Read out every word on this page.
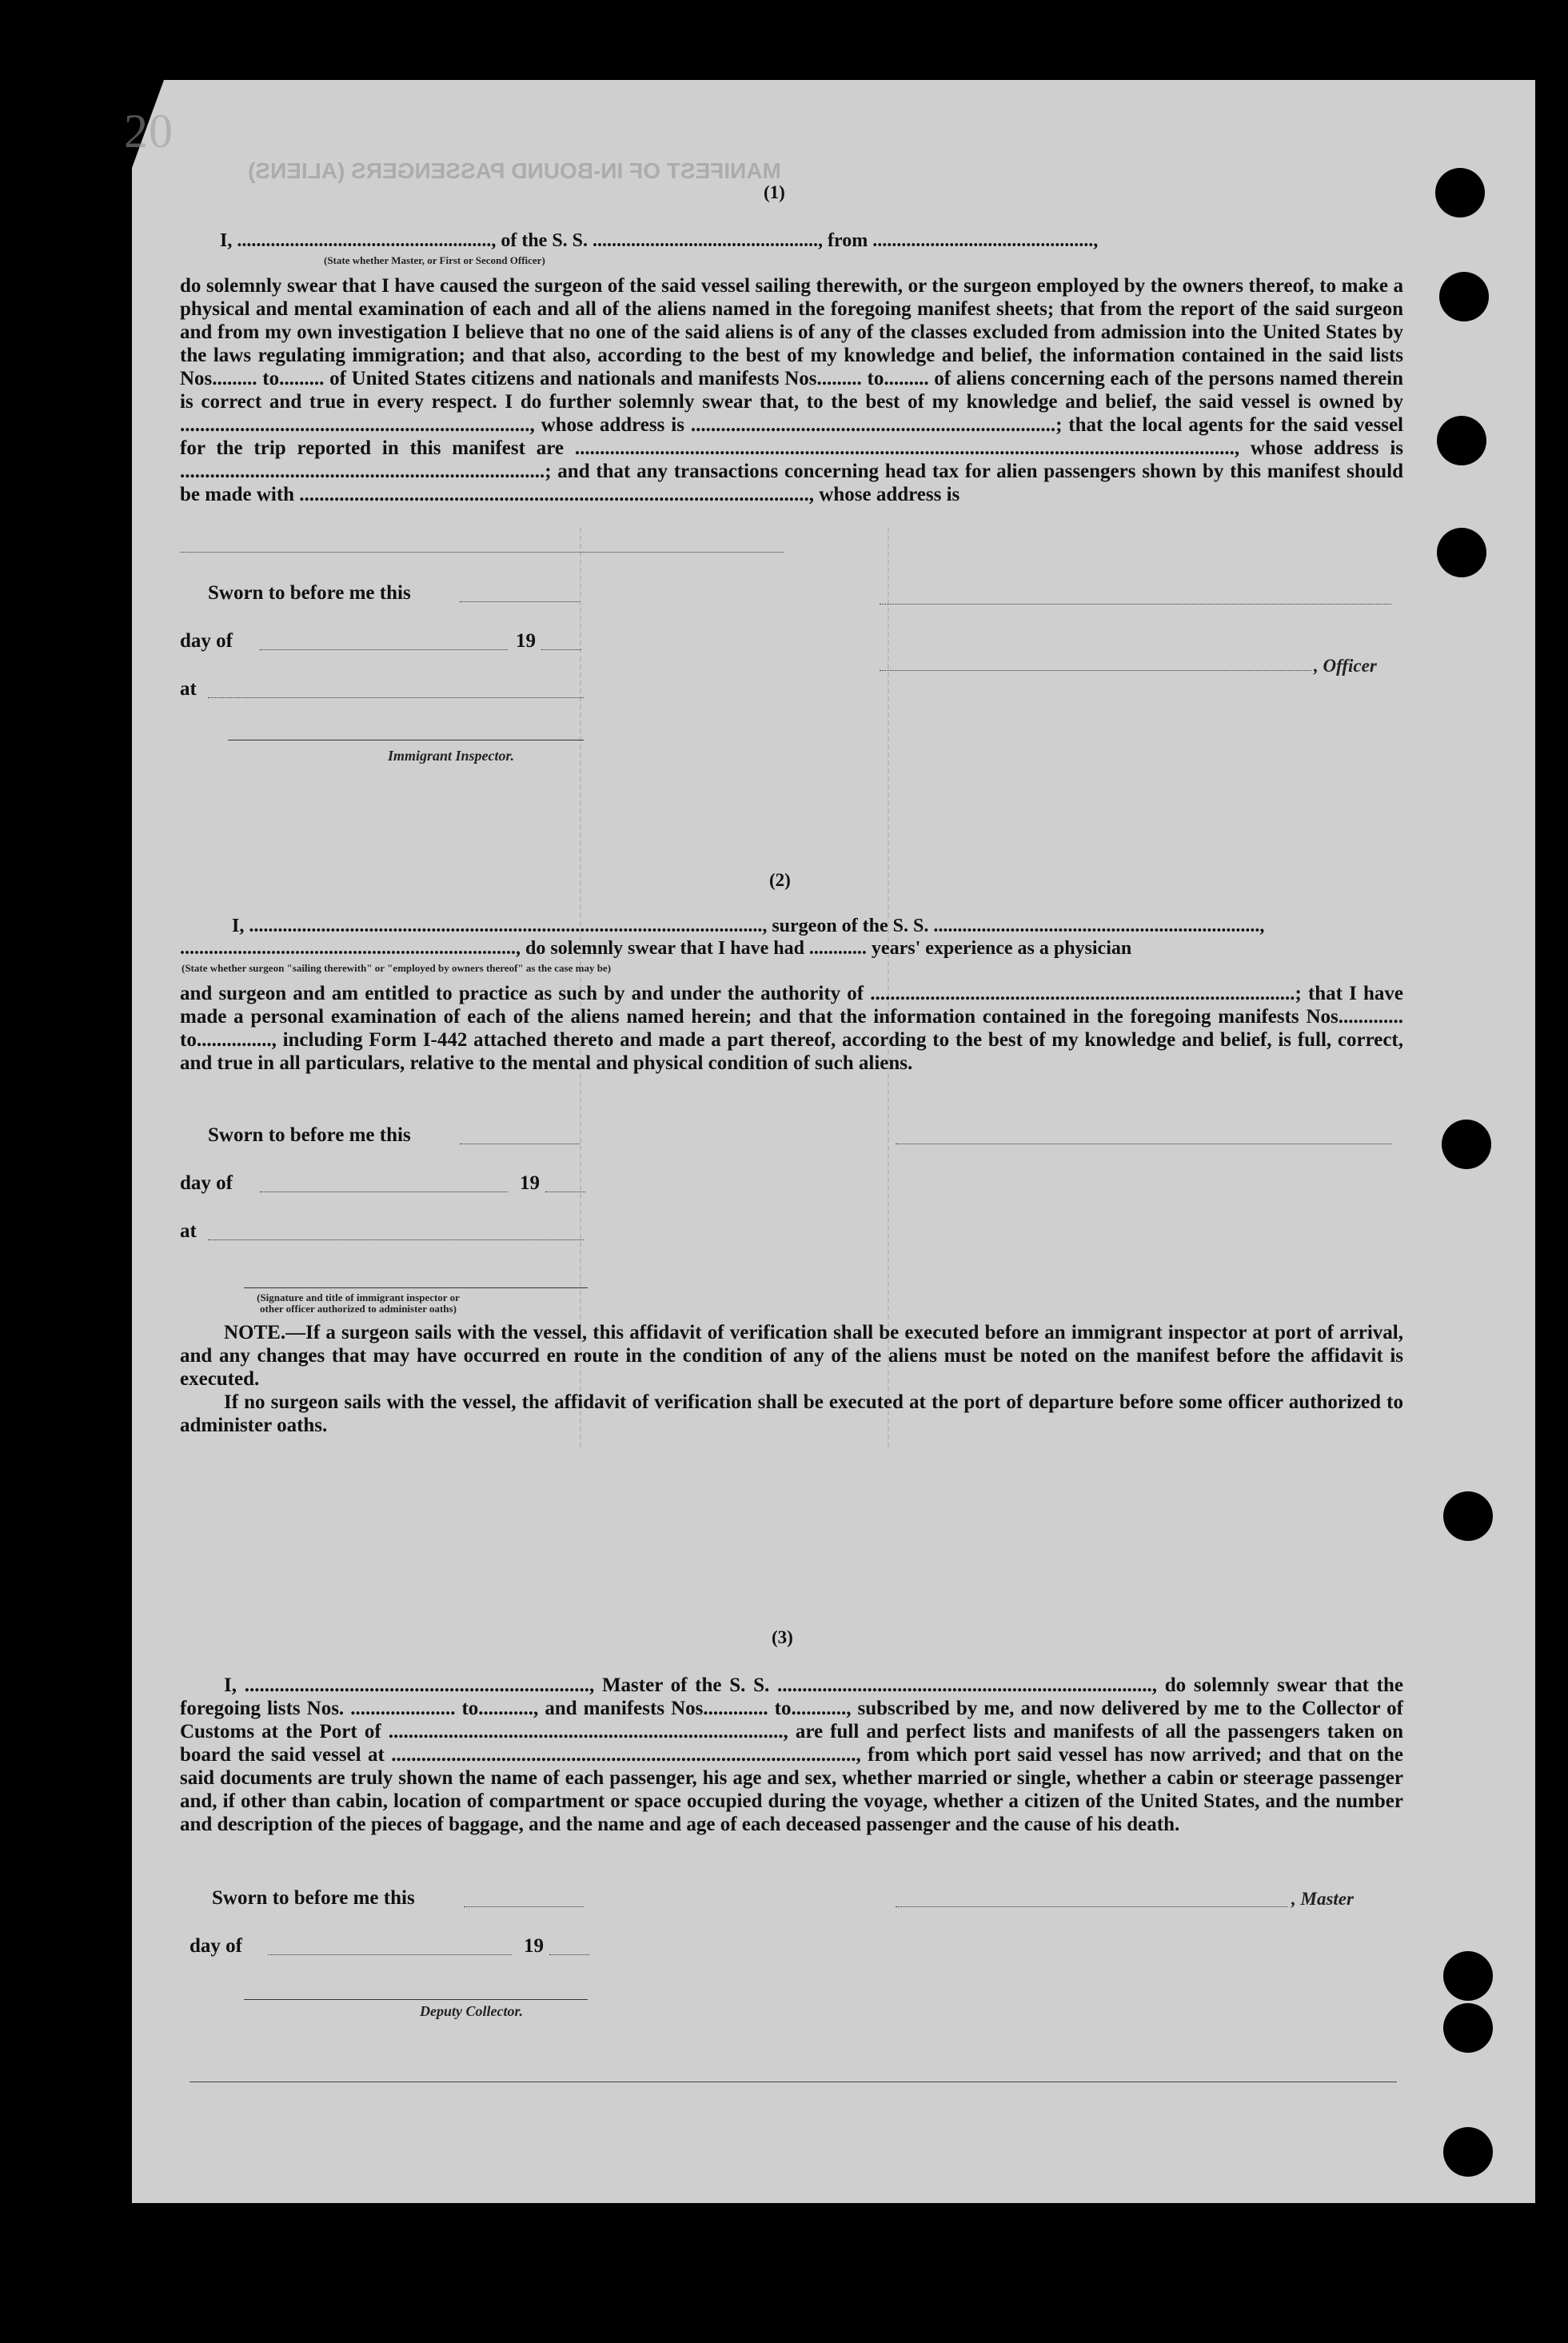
MANIFEST OF IN-BOUND PASSENGERS (ALIENS)
20
(1)
I, ....................................................., of the S. S. ..............................................., from ..............................................,
(State whether Master, or First or Second Officer)

do solemnly swear that I have caused the surgeon of the said vessel sailing therewith, or the surgeon employed by the owners thereof, to make a physical and mental examination of each and all of the aliens named in the foregoing manifest sheets; that from the report of the said surgeon and from my own investigation I believe that no one of the said aliens is of any of the classes excluded from admission into the United States by the laws regulating immigration; and that also, according to the best of my knowledge and belief, the information contained in the said lists Nos......... to......... of United States citizens and nationals and manifests Nos......... to......... of aliens concerning each of the persons named therein is correct and true in every respect. I do further solemnly swear that, to the best of my knowledge and belief, the said vessel is owned by ......................................................................, whose address is .........................................................................; that the local agents for the said vessel for the trip reported in this manifest are ...................................................................................................................................., whose address is .........................................................................; and that any transactions concerning head tax for alien passengers shown by this manifest should be made with ......................................................................................................, whose address is

Sworn to before me this
day of	19
, Officer
at
Immigrant Inspector.
(2)
I, ..........................................................................................................., surgeon of the S. S. ....................................................................,
......................................................................, do solemnly swear that I have had ............ years' experience as a physician
(State whether surgeon "sailing therewith" or "employed by owners thereof" as the case may be)

and surgeon and am entitled to practice as such by and under the authority of .....................................................................................; that I have made a personal examination of each of the aliens named herein; and that the information contained in the foregoing manifests Nos............. to..............., including Form I-442 attached thereto and made a part thereof, according to the best of my knowledge and belief, is full, correct, and true in all particulars, relative to the mental and physical condition of such aliens.

Sworn to before me this
day of	19
at
(Signature and title of immigrant inspector or other officer authorized to administer oaths)

NOTE.—If a surgeon sails with the vessel, this affidavit of verification shall be executed before an immigrant inspector at port of arrival, and any changes that may have occurred en route in the condition of any of the aliens must be noted on the manifest before the affidavit is executed.

If no surgeon sails with the vessel, the affidavit of verification shall be executed at the port of departure before some officer authorized to administer oaths.

(3)

I, ....................................................................., Master of the S. S. ..........................................................................., do solemnly swear that the foregoing lists Nos. ..................... to..........., and manifests Nos............. to..........., subscribed by me, and now delivered by me to the Collector of Customs at the Port of ..............................................................................., are full and perfect lists and manifests of all the passengers taken on board the said vessel at ............................................................................................., from which port said vessel has now arrived; and that on the said documents are truly shown the name of each passenger, his age and sex, whether married or single, whether a cabin or steerage passenger and, if other than cabin, location of compartment or space occupied during the voyage, whether a citizen of the United States, and the number and description of the pieces of baggage, and the name and age of each deceased passenger and the cause of his death.

Sworn to before me this	, Master
day of	19
Deputy Collector.
